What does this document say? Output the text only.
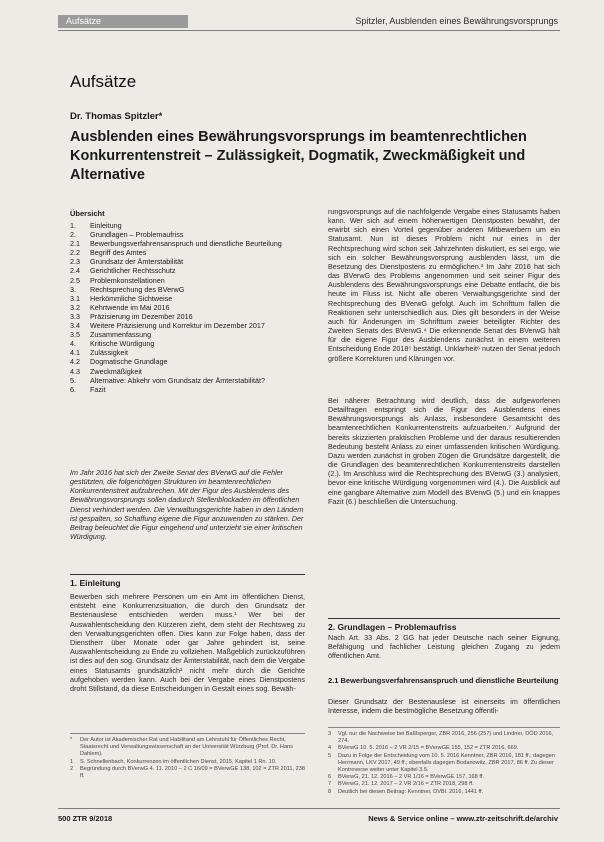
Aufsätze	Spitzler, Ausblenden eines Bewährungsvorsprungs
Aufsätze
Dr. Thomas Spitzler*
Ausblenden eines Bewährungsvorsprungs im beamtenrechtlichen Konkurrentenstreit – Zulässigkeit, Dogmatik, Zweckmäßigkeit und Alternative
Übersicht
1.	Einleitung
2.	Grundlagen – Problemaufriss
2.1	Bewerbungsverfahrensanspruch und dienstliche Beurteilung
2.2	Begriff des Amtes
2.3	Grundsatz der Ämterstabilität
2.4	Gerichtlicher Rechtsschutz
2.5	Problemkonstellationen
3.	Rechtsprechung des BVerwG
3.1	Herkömmliche Sichtweise
3.2	Kehrtwende im Mai 2016
3.3	Präzisierung im Dezember 2016
3.4	Weitere Präzisierung und Korrektur im Dezember 2017
3.5	Zusammenfassung
4.	Kritische Würdigung
4.1	Zulässigkeit
4.2	Dogmatische Grundlage
4.3	Zweckmäßigkeit
5.	Alternative: Abkehr vom Grundsatz der Ämterstabilität?
6.	Fazit
Im Jahr 2016 hat sich der Zweite Senat des BVerwG auf die Fehler gestützten, die folgerichtigen Strukturen im beamtenrechtlichen Konkurrentenstreit aufzubrechen. Mit der Figur des Ausblendens des Bewährungsvorsprungs sollen dadurch Stellenblockaden im öffentlichen Dienst verhindert werden. Die Verwaltungsgerichte haben in den Ländern ist gespalten, so Schaffung eigene die Figur anzuwenden zu stärken. Der Beitrag beleuchtet die Figur eingehend und unterzieht sie einer kritischen Würdigung.
1. Einleitung
Bewerben sich mehrere Personen um ein Amt im öffentlichen Dienst, entsteht eine Konkurrenzsituation, die durch den Grundsatz der Bestenauslese entschieden werden muss.¹ Wer bei der Auswahlentscheidung den Kürzeren zieht, dem steht der Rechtsweg zu den Verwaltungsgerichten offen. Dies kann zur Folge haben, dass der Dienstherr über Monate oder gar Jahre gehindert ist, seine Auswahlentscheidung zu Ende zu vollziehen. Maßgeblich zurückzuführen ist dies auf den sog. Grundsatz der Ämterstabilität, nach dem die Vergabe eines Statusamts grundsätzlich² nicht mehr durch die Gerichte aufgehoben werden kann. Auch bei der Vergabe eines Dienstpostens droht Stillstand, da diese Entscheidungen in Gestalt eines sog. Bewäh-
*	Der Autor ist Akademischer Rat und Habilitand am Lehrstuhl für Öffentliches Recht, Staatsrecht und Verwaltungswissenschaft an der Universität Würzburg (Prof. Dr. Hans Dahlem).
1	S. Schnellenbach, Konkurrenzen im öffentlichen Dienst, 2015, Kapitel 1 Rn. 10.
2	Begründung durch BVerwG 4. 11. 2010 – 2 C 16/09 = BVerwGE 138, 102 = ZTR 2011, 238 ff.
rungsvorsprungs auf die nachfolgende Vergabe eines Statusamts haben kann. Wer sich auf einem höherwertigen Dienstposten bewährt, der erwirbt sich einen Vorteil gegenüber anderen Mitbewerbern um ein Statusamt. Nun ist dieses Problem nicht nur eines in der Rechtsprechung wird schon seit Jahrzehnten diskutiert, es sei ergo, wie sich ein solcher Bewährungsvorsprung ausblenden lässt, um die Besetzung des Dienstpostens zu ermöglichen.³ Im Jahr 2016 hat sich das BVerwG des Problems angenommen und seit seiner Figur des Ausblendens des Bewährungsvorsprungs eine Debatte entfacht, die bis heute im Fluss ist. Nicht alle oberen Verwaltungsgerichte sind der Rechtsprechung des BVerwG gefolgt. Auch im Schrifttum fallen die Reaktionen sehr unterschiedlich aus. Dies gilt besonders in der Weise auch für Änderungen im Schrifttum zweier beteiligter Richter des Zweiten Senats des BVerwG.⁴ Die erkennende Senat des BVerwG hält für die eigene Figur des Ausblendens zunächst in einem weiteren Entscheidung Ende 2018⁵ bestätigt. Unklarheit⁶ nutzen der Senat jedoch größere Korrekturen und Klärungen vor.
Bei näherer Betrachtung wird deutlich, dass die aufgeworfenen Detailfragen entspringt sich die Figur des Ausblendens eines Bewährungsvorsprungs als Anlass, insbesondere Gesamtsicht des beamtenrechtlichen Konkurrentenstreits aufzuarbeiten.⁷ Aufgrund der bereits skizzierten praktischen Probleme und der daraus resultierenden Bedeutung besteht Anlass zu einer umfassenden kritischen Würdigung. Dazu werden zunächst in groben Zügen die Grundsätze dargestellt, die die Grundlagen des beamtenrechtlichen Konkurrentenstreits darstellen (2.). Im Anschluss wird die Rechtsprechung des BVerwG (3.) analysiert, bevor eine kritische Würdigung vorgenommen wird (4.). Die Ausblick auf eine gangbare Alternative zum Modell des BVerwG (5.) und ein knappes Fazit (6.) beschließen die Untersuchung.
2. Grundlagen – Problemaufriss
Nach Art. 33 Abs. 2 GG hat jeder Deutsche nach seiner Eignung, Befähigung und fachlicher Leistung gleichen Zugang zu jedem öffentlichen Amt.
2.1 Bewerbungsverfahrensanspruch und dienstliche Beurteilung
Dieser Grundsatz der Bestenauslese ist einerseits im öffentlichen Interesse, indem die bestmögliche Besetzung öffentli-
3	Vgl. nur die Nachweise bei Baßlsperger, ZBR 2016, 256 (257) und Lindner, DÖD 2016, 274.
4	BVerwG 10. 5. 2016 – 2 VR 2/15 = BVerwGE 155, 152 = ZTR 2016, 669.
5	Dazu in Folge der Entscheidung vom 10. 5. 2016 Kenntner, ZBR 2016, 181 ff.; dagegen Herrmann, LKV 2017, 49 ff.; ebenfalls dagegen Bodanowitz, ZBR 2017, 86 ff. Zu dieser Kontroverse weiter unter Kapitel 3.5.
6	BVerwG, 21. 12. 2016 – 2 VR 1/16 = BVerwGE 157, 168 ff.
7	BVerwG, 21. 12. 2017 – 2 VR 2/16 = ZTR 2018, 298 ff.
8	Deutlich bei diesen Beitrag: Kenntner, DVBl. 2016, 1441 ff.
500 ZTR 9/2018	News & Service online – www.ztr-zeitschrift.de/archiv
